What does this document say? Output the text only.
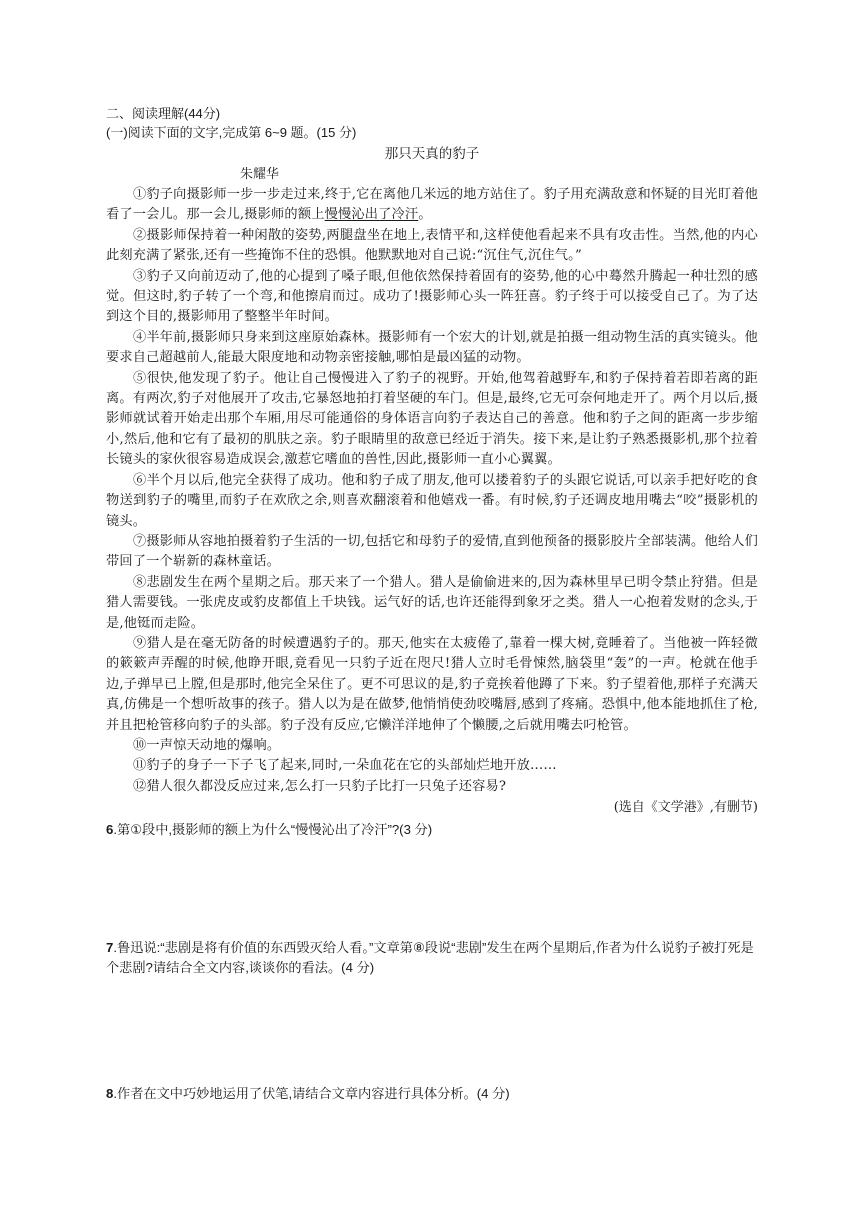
二、阅读理解(44分)
(一)阅读下面的文字,完成第 6~9 题。(15 分)
那只天真的豹子
朱耀华

①豹子向摄影师一步一步走过来,终于,它在离他几米远的地方站住了。豹子用充满敌意和怀疑的目光盯着他看了一会儿。那一会儿,摄影师的额上慢慢沁出了冷汗。

②摄影师保持着一种闲散的姿势,两腿盘坐在地上,表情平和,这样使他看起来不具有攻击性。当然,他的内心此刻充满了紧张,还有一些掩饰不住的恐惧。他默默地对自己说:“沉住气,沉住气。”

③豹子又向前迈动了,他的心提到了嗓子眼,但他依然保持着固有的姿势,他的心中蓦然升腾起一种壮烈的感觉。但这时,豹子转了一个弯,和他擦肩而过。成功了!摄影师心头一阵狂喜。豹子终于可以接受自己了。为了达到这个目的,摄影师用了整整半年时间。

④半年前,摄影师只身来到这座原始森林。摄影师有一个宏大的计划,就是拍摄一组动物生活的真实镜头。他要求自己超越前人,能最大限度地和动物亲密接触,哪怕是最凶猛的动物。

⑤很快,他发现了豹子。他让自己慢慢进入了豹子的视野。开始,他驾着越野车,和豹子保持着若即若离的距离。有两次,豹子对他展开了攻击,它暴怒地拍打着坚硬的车门。但是,最终,它无可奈何地走开了。两个月以后,摄影师就试着开始走出那个车厢,用尽可能通俗的身体语言向豹子表达自己的善意。他和豹子之间的距离一步步缩小,然后,他和它有了最初的肌肤之亲。豹子眼睛里的敌意已经近于消失。接下来,是让豹子熟悉摄影机,那个拉着长镜头的家伙很容易造成误会,激惹它嗜血的兽性,因此,摄影师一直小心翼翼。

⑥半个月以后,他完全获得了成功。他和豹子成了朋友,他可以搂着豹子的头跟它说话,可以亲手把好吃的食物送到豹子的嘴里,而豹子在欢欣之余,则喜欢翻滚着和他嬉戏一番。有时候,豹子还调皮地用嘴去“咬”摄影机的镜头。

⑦摄影师从容地拍摄着豹子生活的一切,包括它和母豹子的爱情,直到他预备的摄影胶片全部装满。他给人们带回了一个崭新的森林童话。

⑧悲剧发生在两个星期之后。那天来了一个猎人。猎人是偷偷进来的,因为森林里早已明令禁止狩猎。但是猎人需要钱。一张虎皮或豹皮都值上千块钱。运气好的话,也许还能得到象牙之类。猎人一心抱着发财的念头,于是,他铤而走险。

⑨猎人是在毫无防备的时候遭遇豹子的。那天,他实在太疲倦了,靠着一棵大树,竟睡着了。当他被一阵轻微的簌簌声弄醒的时候,他睁开眼,竟看见一只豹子近在咫尺!猎人立时毛骨悚然,脑袋里“轰”的一声。枪就在他手边,子弹早已上膛,但是那时,他完全呆住了。更不可思议的是,豹子竟挨着他蹲了下来。豹子望着他,那样子充满天真,仿佛是一个想听故事的孩子。猎人以为是在做梦,他悄悄使劲咬嘴唇,感到了疼痛。恐惧中,他本能地抓住了枪,并且把枪管移向豹子的头部。豹子没有反应,它懒洋洋地伸了个懒腰,之后就用嘴去叼枪管。

⑩一声惊天动地的爆响。

⑪豹子的身子一下子飞了起来,同时,一朵血花在它的头部灿烂地开放……

⑫猎人很久都没反应过来,怎么打一只豹子比打一只兔子还容易?

(选自《文学港》,有删节)

6.第①段中,摄影师的额上为什么“慢慢沁出了冷汗”?(3 分)

7.鲁迅说:“悲剧是将有价值的东西毁灭给人看。”文章第⑧段说“悲剧”发生在两个星期后,作者为什么说豹子被打死是个悲剧?请结合全文内容,谈谈你的看法。(4 分)

8.作者在文中巧妙地运用了伏笔,请结合文章内容进行具体分析。(4 分)
